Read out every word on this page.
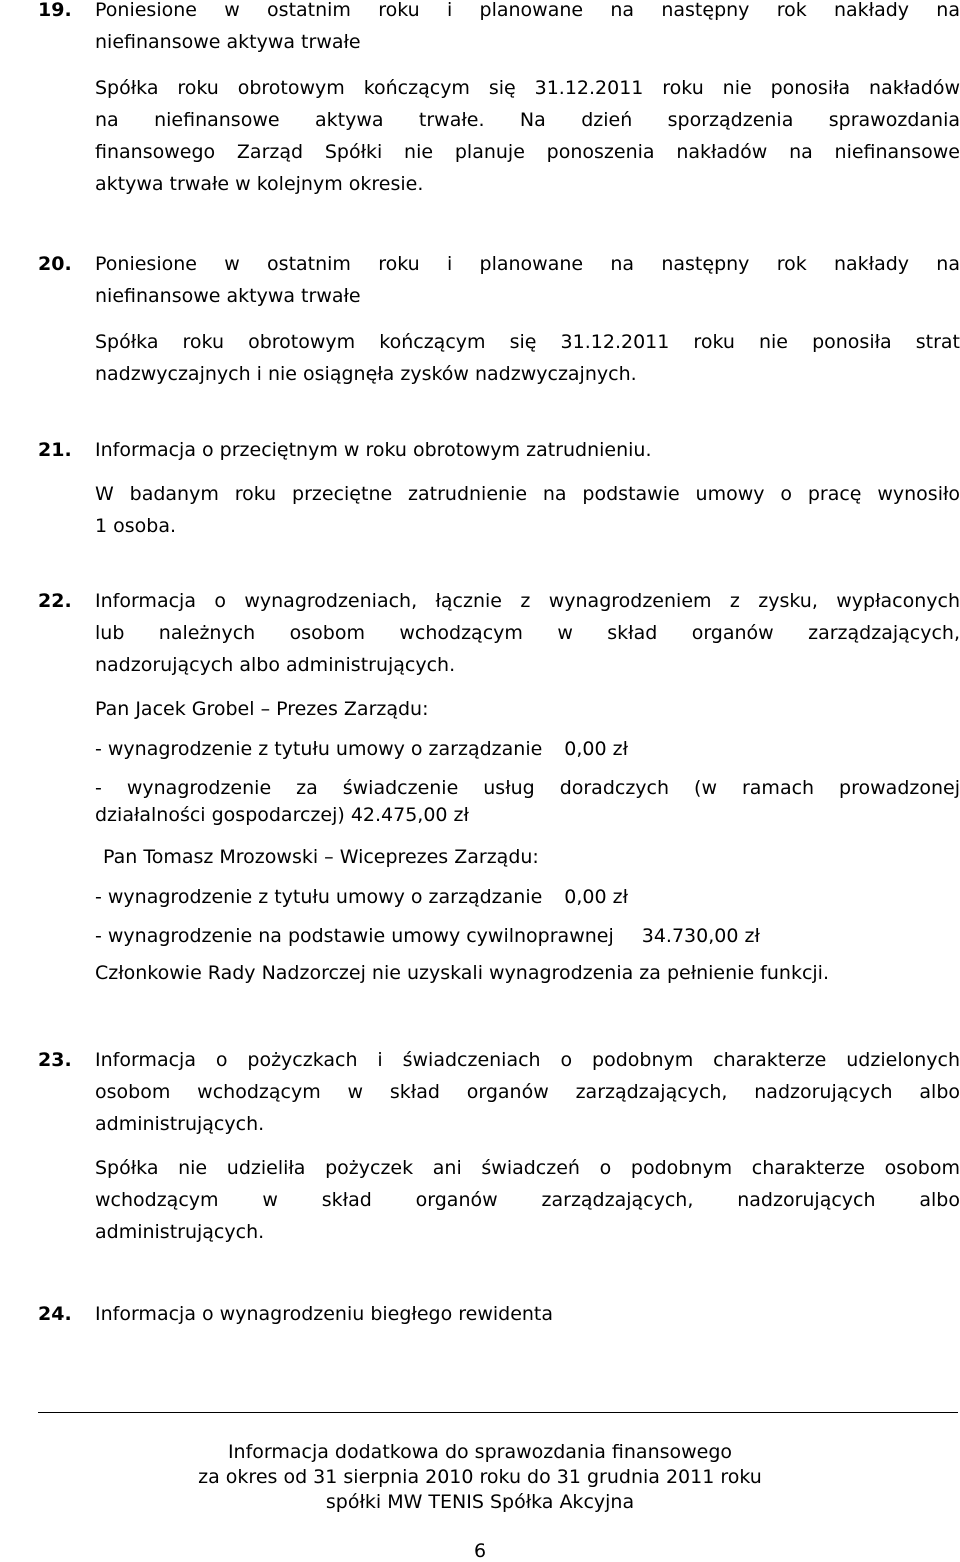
19. Poniesione w ostatnim roku i planowane na następny rok nakłady na
niefinansowe aktywa trwałe
Spółka roku obrotowym kończącym się 31.12.2011 roku nie ponosiła nakładów
na niefinansowe aktywa trwałe. Na dzień sporządzenia sprawozdania
finansowego Zarząd Spółki nie planuje ponoszenia nakładów na niefinansowe
aktywa trwałe w kolejnym okresie.
20. Poniesione w ostatnim roku i planowane na następny rok nakłady na
niefinansowe aktywa trwałe
Spółka roku obrotowym kończącym się 31.12.2011 roku nie ponosiła strat
nadzwyczajnych i nie osiągnęła zysków nadzwyczajnych.
21. Informacja o przeciętnym w roku obrotowym zatrudnieniu.
W badanym roku przeciętne zatrudnienie na podstawie umowy o pracę wynosiło
1 osoba.
22. Informacja o wynagrodzeniach, łącznie z wynagrodzeniem z zysku, wypłaconych
lub należnych osobom wchodzącym w skład organów zarządzających,
nadzorujących albo administrujących.
Pan Jacek Grobel – Prezes Zarządu:
- wynagrodzenie z tytułu umowy o zarządzanie 0,00 zł
- wynagrodzenie za świadczenie usług doradczych (w ramach prowadzonej
działalności gospodarczej) 42.475,00 zł
Pan Tomasz Mrozowski – Wiceprezes Zarządu:
- wynagrodzenie z tytułu umowy o zarządzanie 0,00 zł
- wynagrodzenie na podstawie umowy cywilnoprawnej 34.730,00 zł
Członkowie Rady Nadzorczej nie uzyskali wynagrodzenia za pełnienie funkcji.
23. Informacja o pożyczkach i świadczeniach o podobnym charakterze udzielonych
osobom wchodzącym w skład organów zarządzających, nadzorujących albo
administrujących.
Spółka nie udzieliła pożyczek ani świadczeń o podobnym charakterze osobom
wchodzącym w skład organów zarządzających, nadzorujących albo
administrujących.
24. Informacja o wynagrodzeniu biegłego rewidenta
Informacja dodatkowa do sprawozdania finansowego
za okres od 31 sierpnia 2010 roku do 31 grudnia 2011 roku
spółki MW TENIS Spółka Akcyjna
6
